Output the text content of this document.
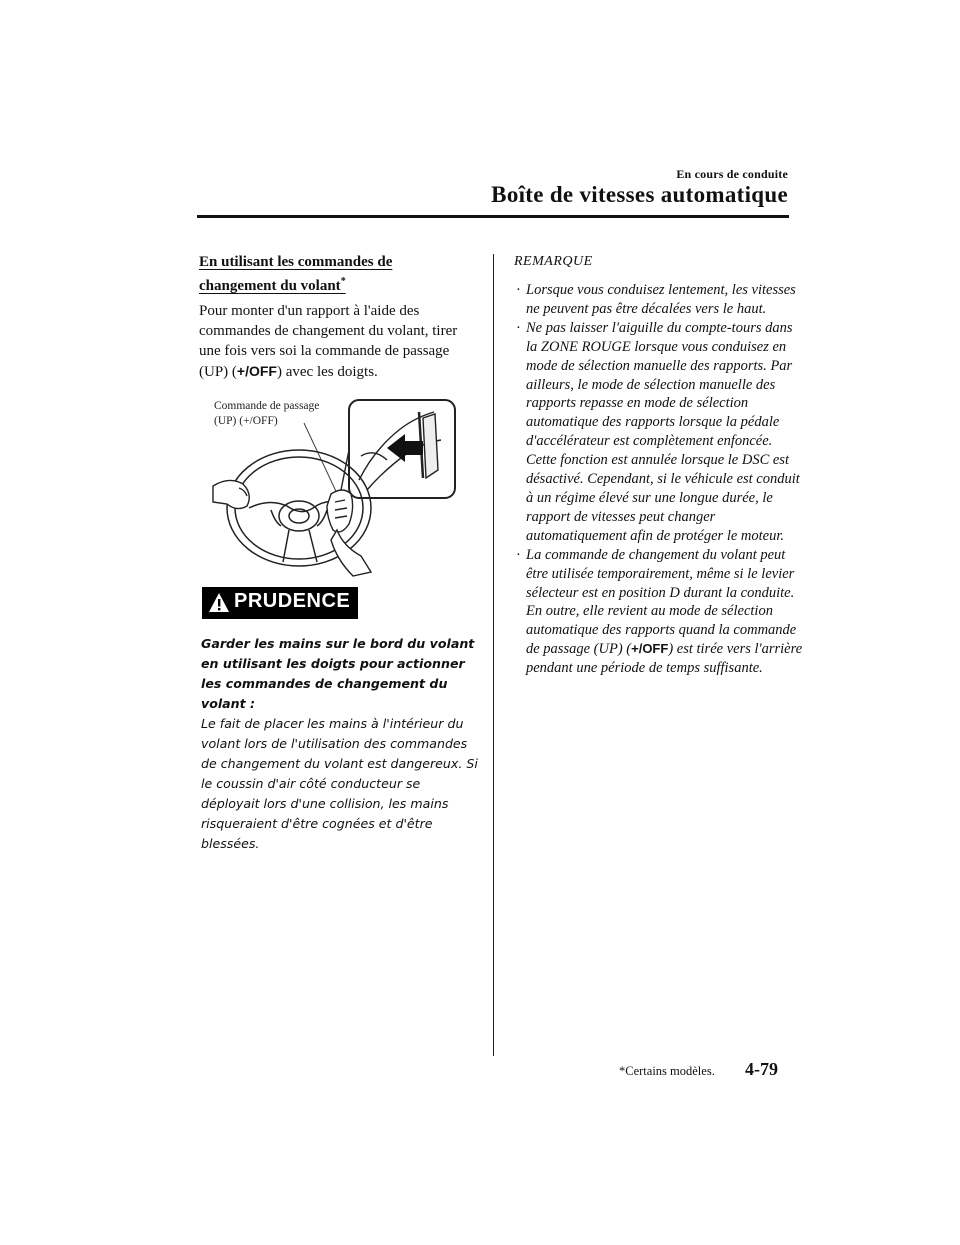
En cours de conduite
Boîte de vitesses automatique
En utilisant les commandes de
changement du volant*
Pour monter d'un rapport à l'aide des commandes de changement du volant, tirer une fois vers soi la commande de passage (UP) (+/OFF) avec les doigts.
Commande de passage
(UP) (+/OFF)
PRUDENCE
Garder les mains sur le bord du volant en utilisant les doigts pour actionner les commandes de changement du volant :
Le fait de placer les mains à l'intérieur du volant lors de l'utilisation des commandes de changement du volant est dangereux. Si le coussin d'air côté conducteur se déployait lors d'une collision, les mains risqueraient d'être cognées et d'être blessées.
REMARQUE
· Lorsque vous conduisez lentement, les vitesses ne peuvent pas être décalées vers le haut.
· Ne pas laisser l'aiguille du compte-tours dans la ZONE ROUGE lorsque vous conduisez en mode de sélection manuelle des rapports. Par ailleurs, le mode de sélection manuelle des rapports repasse en mode de sélection automatique des rapports lorsque la pédale d'accélérateur est complètement enfoncée.
Cette fonction est annulée lorsque le DSC est désactivé. Cependant, si le véhicule est conduit à un régime élevé sur une longue durée, le rapport de vitesses peut changer automatiquement afin de protéger le moteur.
· La commande de changement du volant peut être utilisée temporairement, même si le levier sélecteur est en position D durant la conduite. En outre, elle revient au mode de sélection automatique des rapports quand la commande de passage (UP) (+/OFF) est tirée vers l'arrière pendant une période de temps suffisante.
*Certains modèles. 4-79
